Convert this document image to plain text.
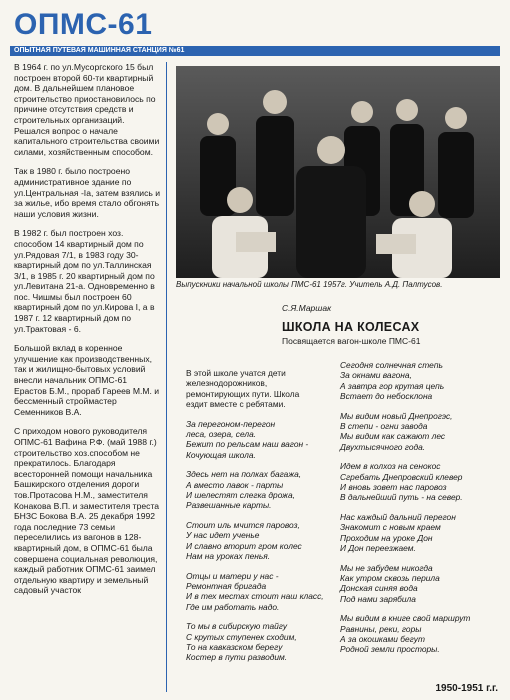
ОПМС-61
ОПЫТНАЯ ПУТЕВАЯ МАШИННАЯ СТАНЦИЯ №61

В 1964 г. по ул.Мусоргского 15 был построен второй 60-ти квартирный дом. В дальнейшем плановое строительство приостановилось по причине отсутствия средств и строительных организаций. Решался вопрос о начале капитального строительства своими силами, хозяйственным способом.

Так в 1980 г. было построено административное здание по ул.Центральная -Iа, затем взялись и за жилье, ибо время стало обгонять наши условия жизни.

В 1982 г. был построен хоз. способом 14 квартирный дом по ул.Рядовая 7/1, в 1983 году 30-квартирный дом по ул.Таллинская 3/1, в 1985 г. 20 квартирный дом по ул.Левитана 21-а. Одновременно в пос. Чишмы был построен 60 квартирный дом по ул.Кирова I, а в 1987 г. 12 квартирный дом по ул.Трактовая - 6.

Большой вклад в коренное улучшение как производственных, так и жилищно-бытовых условий внесли начальник ОПМС-61 Ерастов Б.М., прораб Гареев М.М. и бессменный строймастер Семенников В.А.

С приходом нового руководителя ОПМС-61 Вафина Р.Ф. (май 1988 г.) строительство хоз.способом не прекратилось. Благодаря всесторонней помощи начальника Башкирского отделения дороги тов.Протасова Н.М., заместителя Конакова В.П. и заместителя треста БНЗС Бокова В.А. 25 декабря 1992 года последние 73 семьи переселились из вагонов в 128-квартирный дом, в ОПМС-61 была совершена социальная революция, каждый работник ОПМС-61 заимел отдельную квартиру и земельный садовый участок

Выпускники начальной школы ПМС-61 1957г. Учитель А.Д. Палтусов.
С.Я.Маршак
ШКОЛА НА КОЛЕСАХ
Посвящается вагон-школе ПМС-61
В этой школе учатся дети
железнодорожников,
ремонтирующих пути. Школа
ездит вместе с ребятами.
За перегоном-перегон
леса, озера, села.
Бежит по рельсам наш вагон -
Кочующая школа.
Здесь нет на полках багажа,
А вместо лавок - парты
И шелестят слегка дрожа,
Развешанные карты.
Стоит иль мчится паровоз,
У нас идет ученье
И славно вторит гром колес
Нам на уроках пенья.
Отцы и матери у нас -
Ремонтная бригада
И в тех местах стоит наш класс,
Где им работать надо.
То мы в сибирскую тайгу
С крутых ступенек сходим,
То на кавказском берегу
Костер в пути разводим.
Сегодня солнечная степь
За окнами вагона,
А завтра гор крутая цепь
Встает до небосклона
Мы видим новый Днепрогэс,
В степи - огни завода
Мы видим как сажают лес
Двухтысячного года.
Идем в колхоз на сенокос
Сгребать Днепровский клевер
И вновь зовет нас паровоз
В дальнейший путь - на север.
Нас каждый дальний перегон
Знакомит с новым краем
Проходим на уроке Дон
И Дон переезжаем.
Мы не забудем никогда
Как утром сквозь перила
Донская синяя вода
Под нами зарябила
Мы видим в книге свой маршрут
Равнины, реки, горы
А за окошками бегут
Родной земли просторы.
1950-1951 г.г.
